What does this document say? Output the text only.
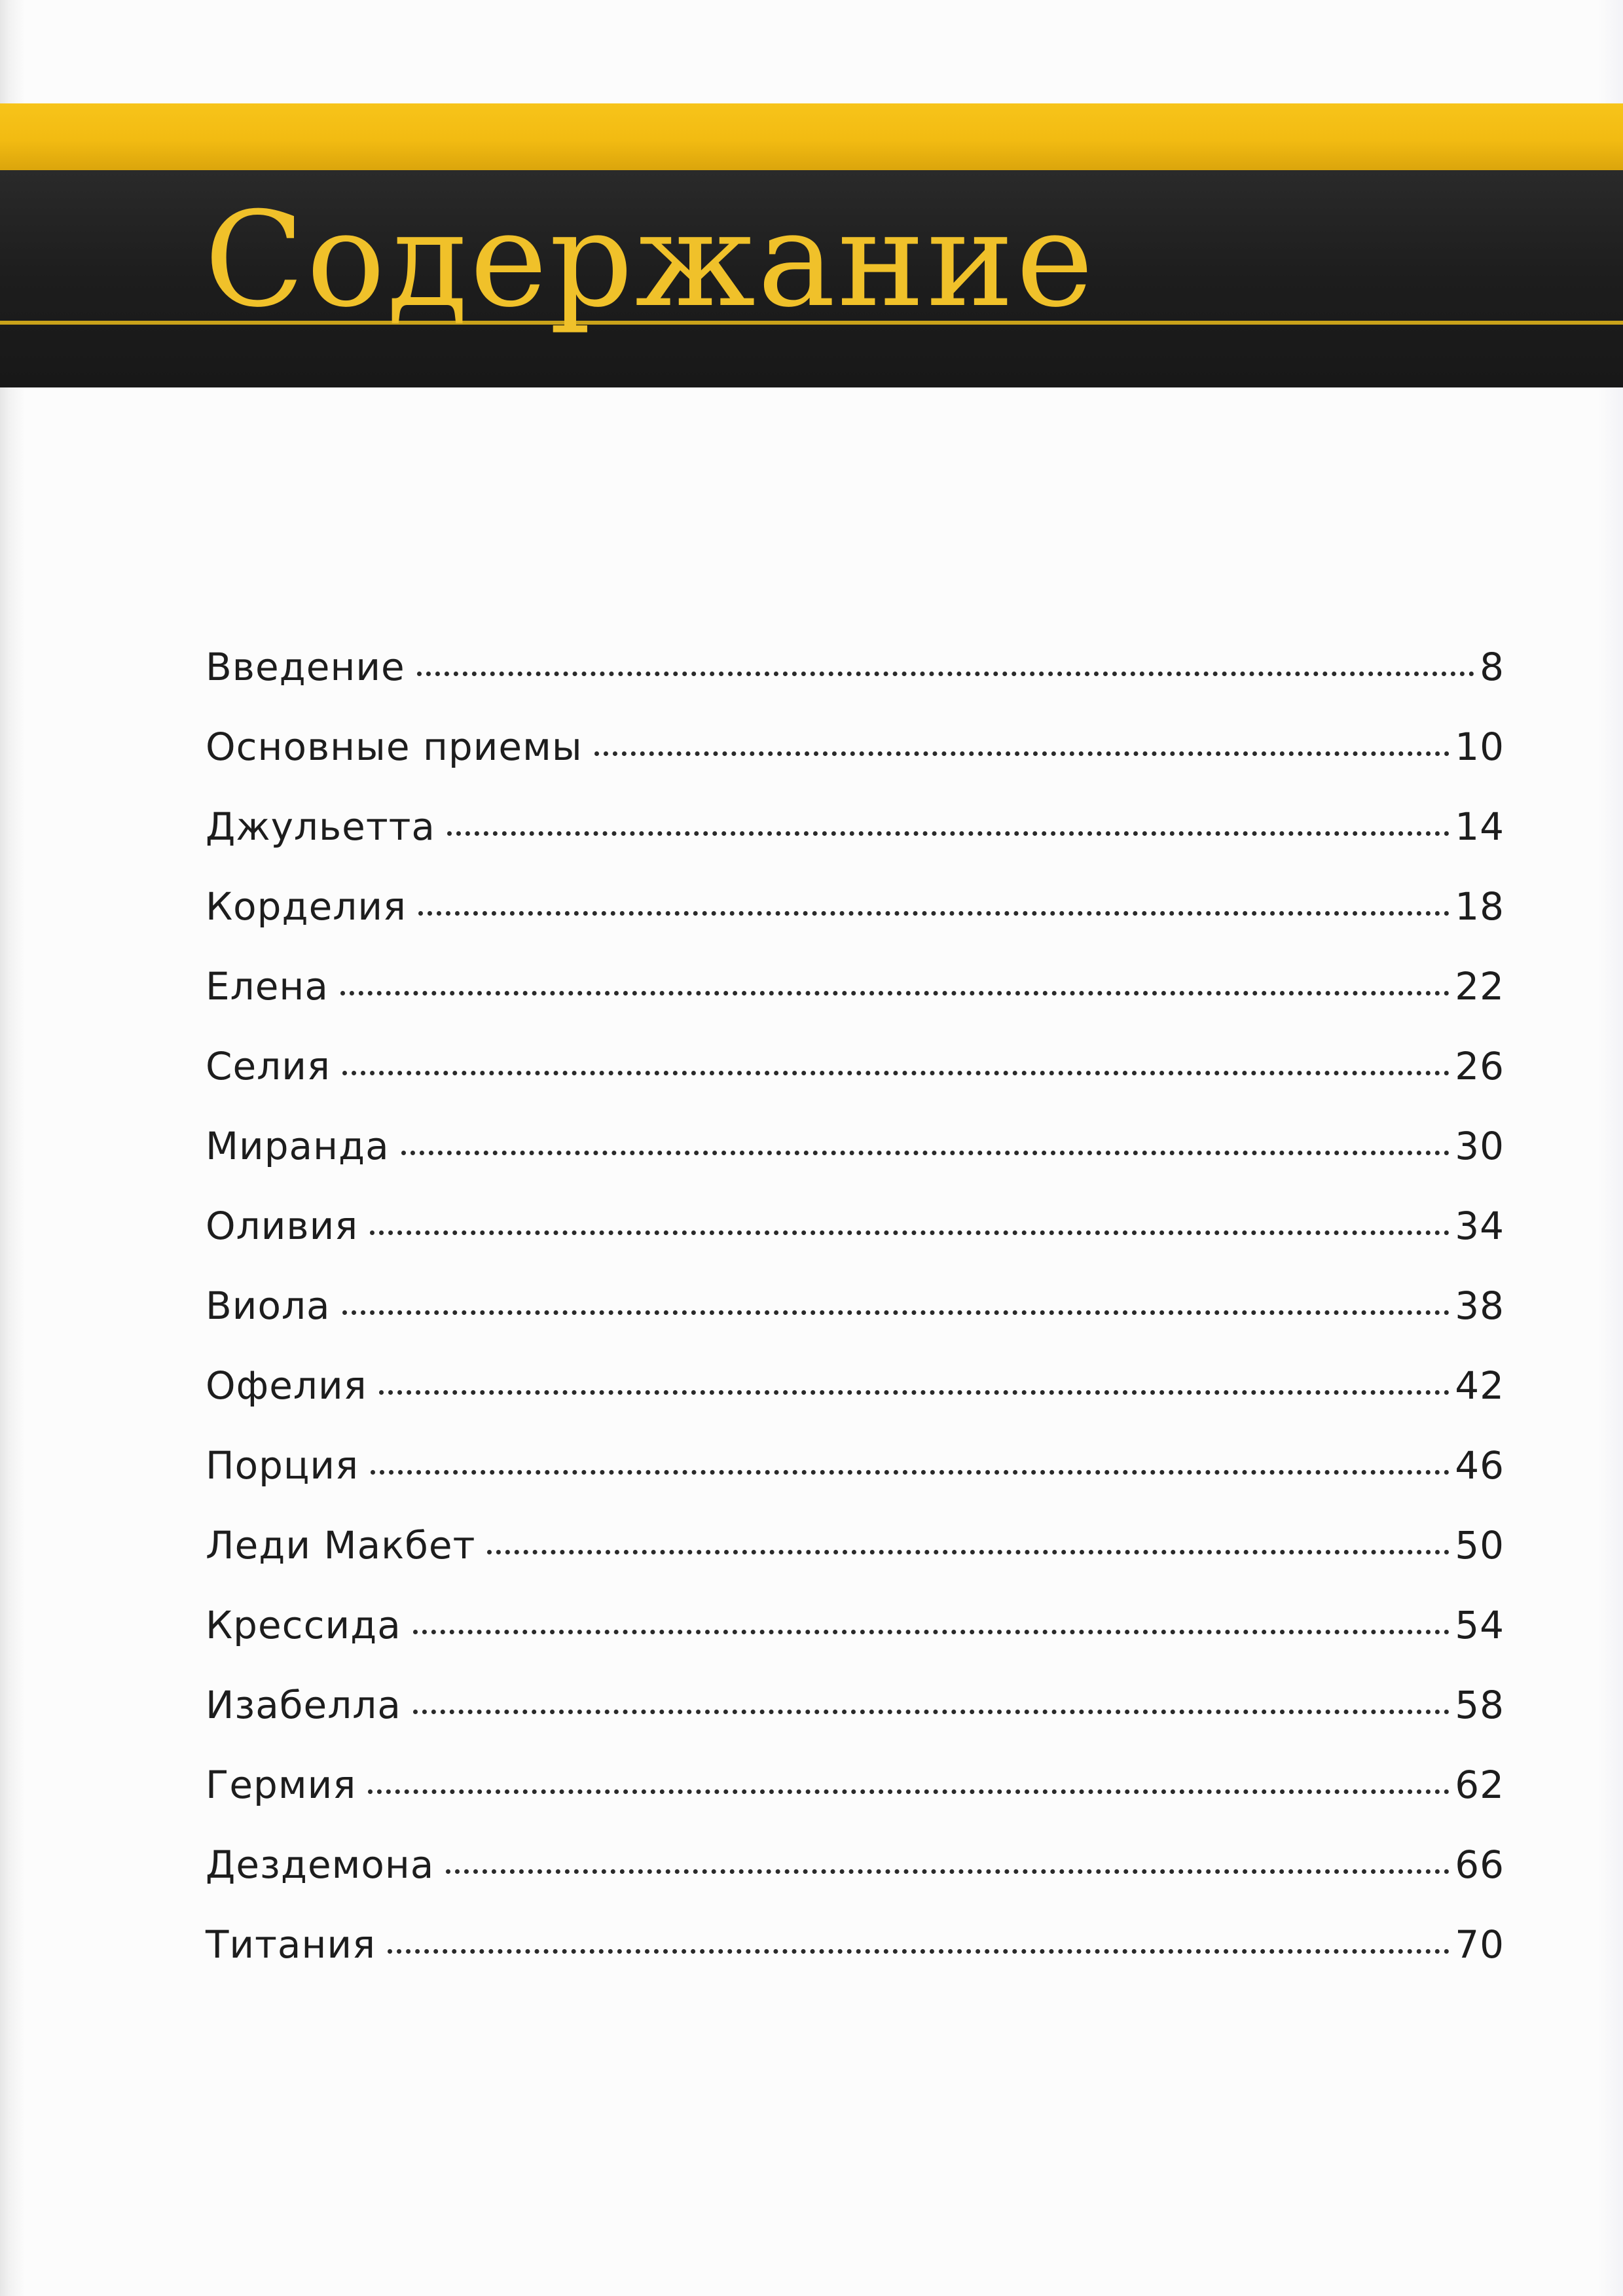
Содержание
Введение	8
Основные приемы	10
Джульетта	14
Корделия	18
Елена	22
Селия	26
Миранда	30
Оливия	34
Виола	38
Офелия	42
Порция	46
Леди Макбет	50
Крессида	54
Изабелла	58
Гермия	62
Дездемона	66
Титания	70
